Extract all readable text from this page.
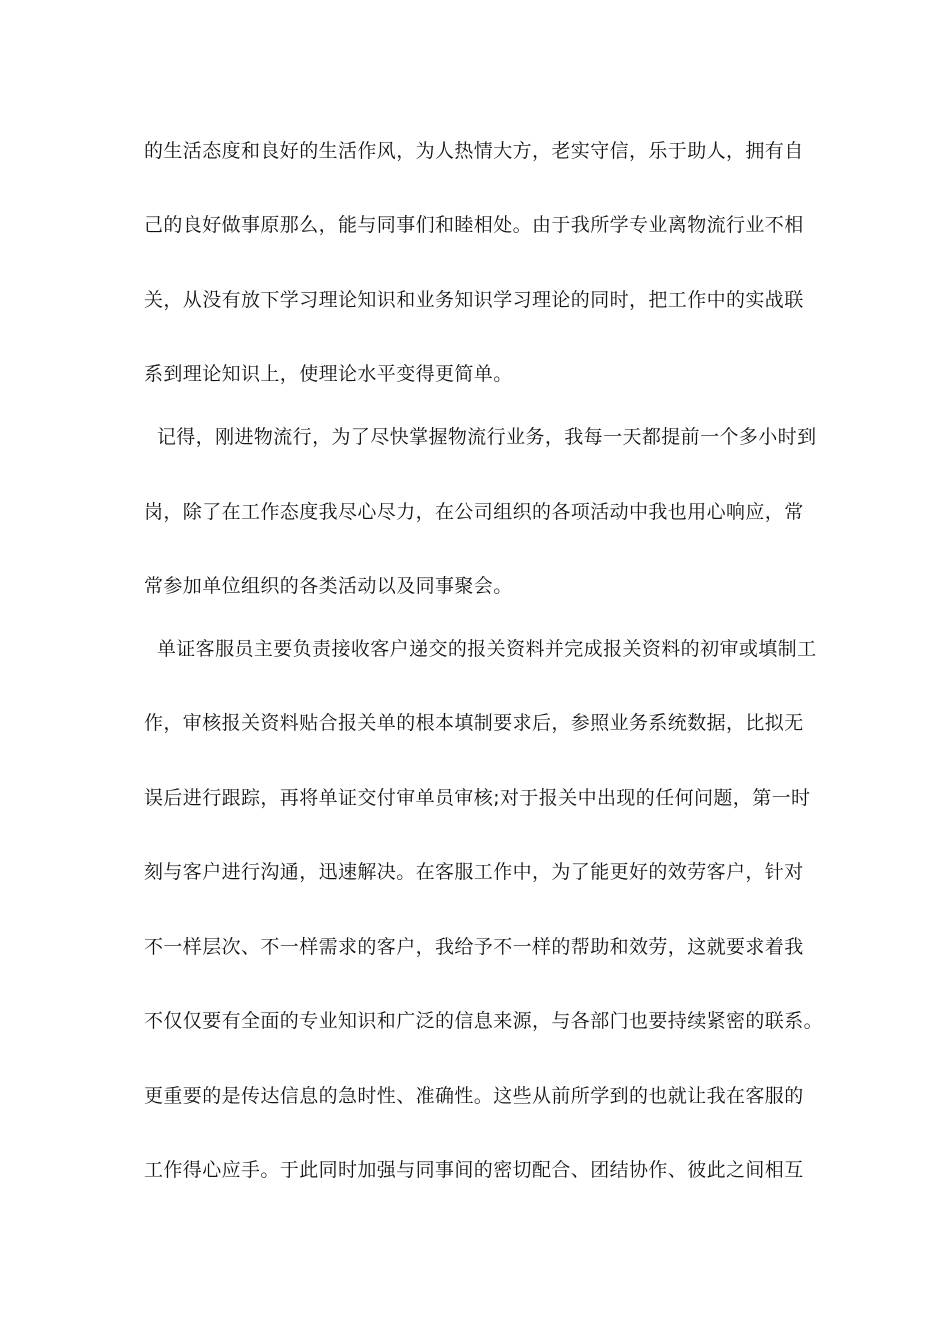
的生活态度和良好的生活作风，为人热情大方，老实守信，乐于助人，拥有自
己的良好做事原那么，能与同事们和睦相处。由于我所学专业离物流行业不相
关，从没有放下学习理论知识和业务知识学习理论的同时，把工作中的实战联
系到理论知识上，使理论水平变得更简单。
记得，刚进物流行，为了尽快掌握物流行业务，我每一天都提前一个多小时到
岗，除了在工作态度我尽心尽力，在公司组织的各项活动中我也用心响应，常
常参加单位组织的各类活动以及同事聚会。
单证客服员主要负责接收客户递交的报关资料并完成报关资料的初审或填制工
作，审核报关资料贴合报关单的根本填制要求后，参照业务系统数据，比拟无
误后进行跟踪，再将单证交付审单员审核;对于报关中出现的任何问题，第一时
刻与客户进行沟通，迅速解决。在客服工作中，为了能更好的效劳客户，针对
不一样层次、不一样需求的客户，我给予不一样的帮助和效劳，这就要求着我
不仅仅要有全面的专业知识和广泛的信息来源，与各部门也要持续紧密的联系。
更重要的是传达信息的急时性、准确性。这些从前所学到的也就让我在客服的
工作得心应手。于此同时加强与同事间的密切配合、团结协作、彼此之间相互
